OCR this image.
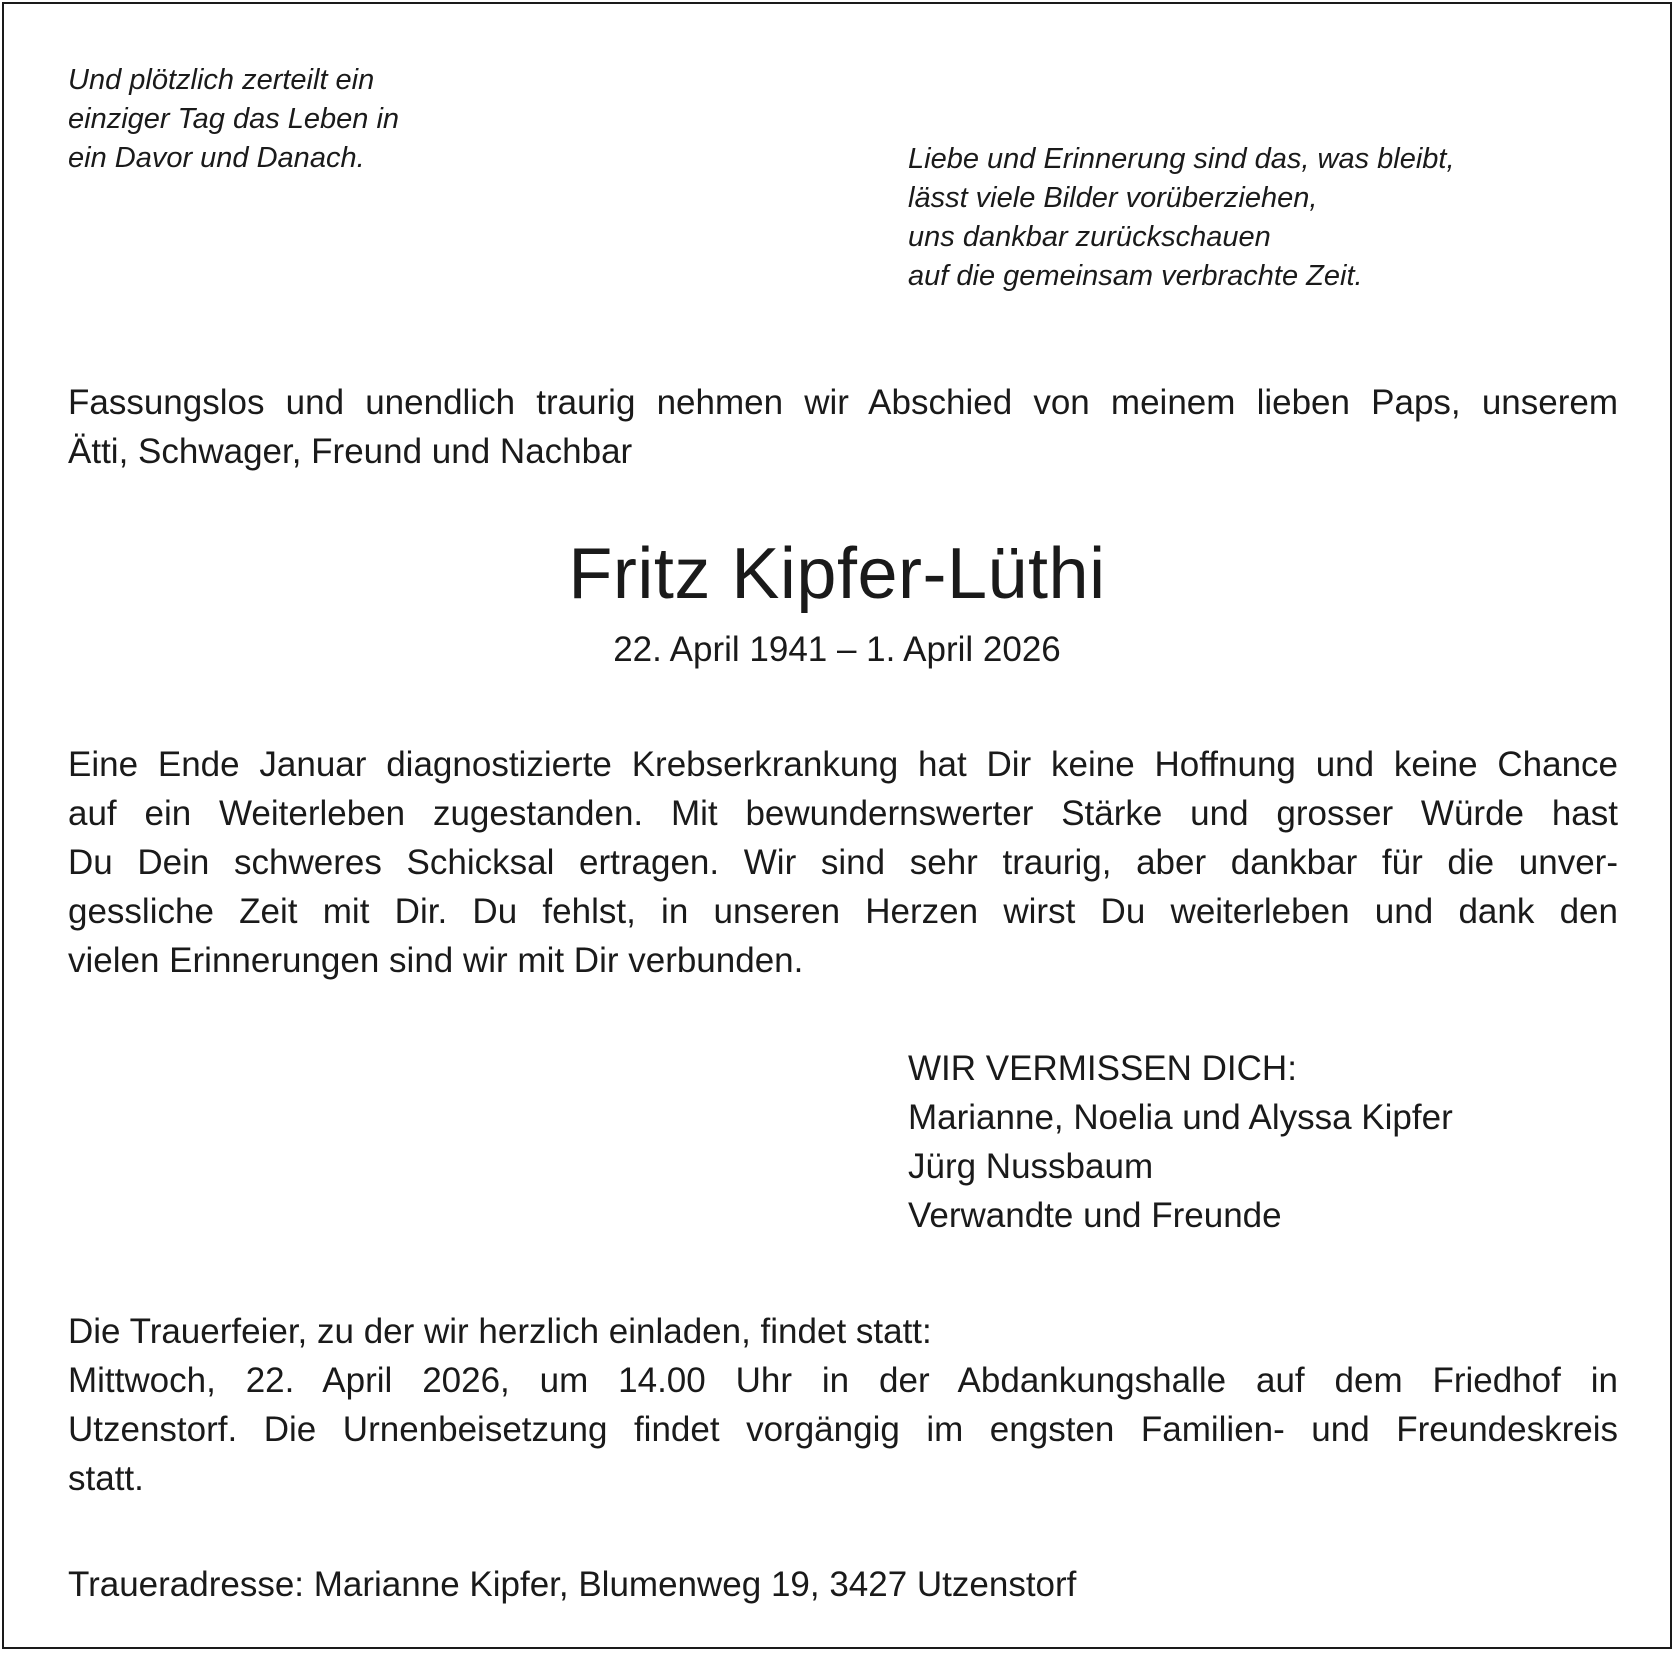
Und plötzlich zerteilt ein
einziger Tag das Leben in
ein Davor und Danach.	Liebe und Erinnerung sind das, was bleibt,
lässt viele Bilder vorüberziehen,
uns dankbar zurückschauen
auf die gemeinsam verbrachte Zeit.
Fassungslos und unendlich traurig nehmen wir Abschied von meinem lieben Paps, unserem
Ätti, Schwager, Freund und Nachbar
Fritz Kipfer-Lüthi
22. April 1941 – 1. April 2026
Eine Ende Januar diagnostizierte Krebserkrankung hat Dir keine Hoffnung und keine Chance
auf ein Weiterleben zugestanden. Mit bewundernswerter Stärke und grosser Würde hast
Du Dein schweres Schicksal ertragen. Wir sind sehr traurig, aber dankbar für die unver-
gessliche Zeit mit Dir. Du fehlst, in unseren Herzen wirst Du weiterleben und dank den
vielen Erinnerungen sind wir mit Dir verbunden.
WIR VERMISSEN DICH:
Marianne, Noelia und Alyssa Kipfer
Jürg Nussbaum
Verwandte und Freunde
Die Trauerfeier, zu der wir herzlich einladen, findet statt:
Mittwoch, 22. April 2026, um 14.00 Uhr in der Abdankungshalle auf dem Friedhof in
Utzenstorf. Die Urnenbeisetzung findet vorgängig im engsten Familien- und Freundeskreis
statt.
Traueradresse: Marianne Kipfer, Blumenweg 19, 3427 Utzenstorf
